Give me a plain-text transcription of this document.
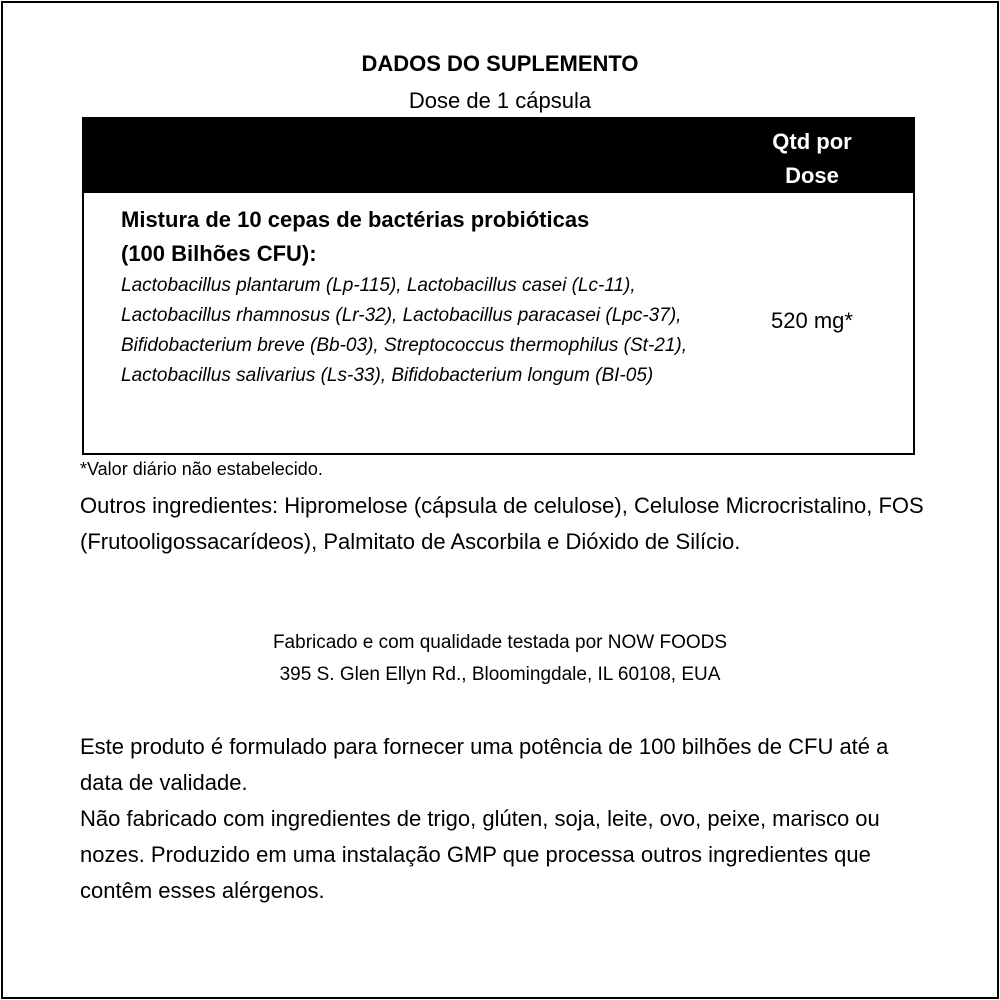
DADOS DO SUPLEMENTO
Dose de 1 cápsula
Qtd por
Dose
Mistura de 10 cepas de bactérias probióticas
(100 Bilhões CFU):
Lactobacillus plantarum (Lp-115), Lactobacillus casei (Lc-11), Lactobacillus rhamnosus (Lr-32), Lactobacillus paracasei (Lpc-37), Bifidobacterium breve (Bb-03), Streptococcus thermophilus (St-21), Lactobacillus salivarius (Ls-33), Bifidobacterium longum (BI-05)
520 mg*
*Valor diário não estabelecido.
Outros ingredientes: Hipromelose (cápsula de celulose), Celulose Microcristalino, FOS (Frutooligossacarídeos), Palmitato de Ascorbila e Dióxido de Silício.
Fabricado e com qualidade testada por NOW FOODS
395 S. Glen Ellyn Rd., Bloomingdale, IL 60108, EUA
Este produto é formulado para fornecer uma potência de 100 bilhões de CFU até a data de validade.
Não fabricado com ingredientes de trigo, glúten, soja, leite, ovo, peixe, marisco ou nozes. Produzido em uma instalação GMP que processa outros ingredientes que contêm esses alérgenos.
